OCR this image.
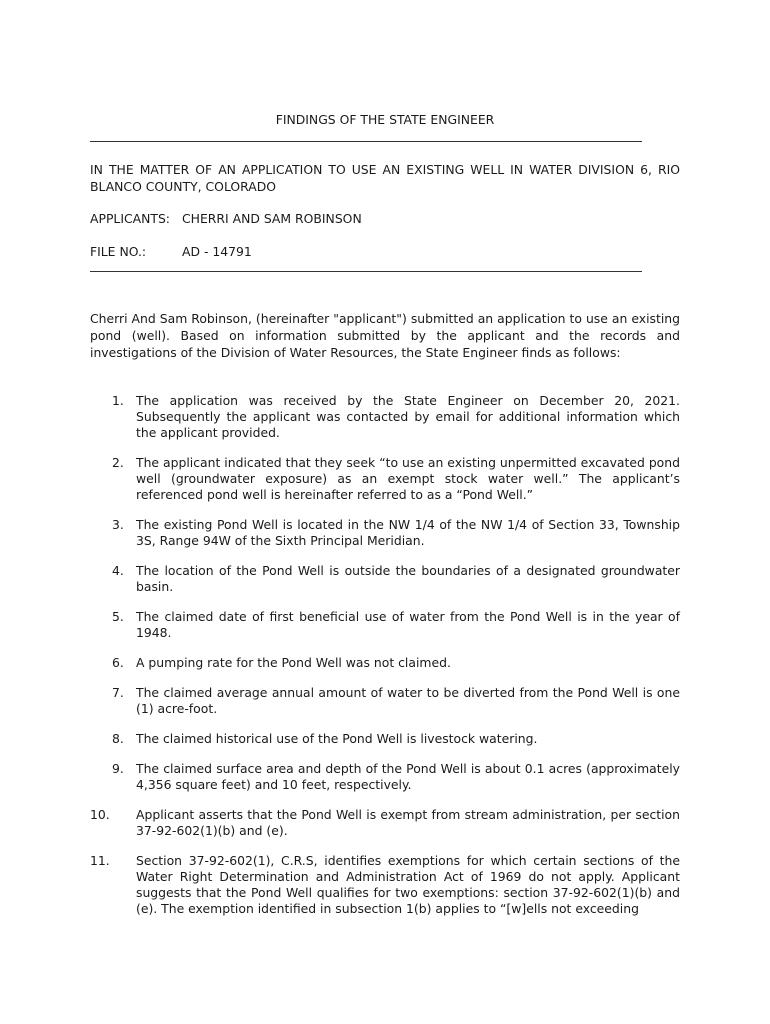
FINDINGS OF THE STATE ENGINEER
IN THE MATTER OF AN APPLICATION TO USE AN EXISTING WELL IN WATER DIVISION 6, RIO BLANCO COUNTY, COLORADO
APPLICANTS: CHERRI AND SAM ROBINSON
FILE NO.:	AD - 14791
Cherri And Sam Robinson, (hereinafter "applicant") submitted an application to use an existing pond (well). Based on information submitted by the applicant and the records and investigations of the Division of Water Resources, the State Engineer finds as follows:
1. The application was received by the State Engineer on December 20, 2021. Subsequently the applicant was contacted by email for additional information which the applicant provided.
2. The applicant indicated that they seek “to use an existing unpermitted excavated pond well (groundwater exposure) as an exempt stock water well.” The applicant’s referenced pond well is hereinafter referred to as a “Pond Well.”
3. The existing Pond Well is located in the NW 1/4 of the NW 1/4 of Section 33, Township 3S, Range 94W of the Sixth Principal Meridian.
4. The location of the Pond Well is outside the boundaries of a designated groundwater basin.
5. The claimed date of first beneficial use of water from the Pond Well is in the year of 1948.
6. A pumping rate for the Pond Well was not claimed.
7. The claimed average annual amount of water to be diverted from the Pond Well is one (1) acre-foot.
8. The claimed historical use of the Pond Well is livestock watering.
9. The claimed surface area and depth of the Pond Well is about 0.1 acres (approximately 4,356 square feet) and 10 feet, respectively.
10. Applicant asserts that the Pond Well is exempt from stream administration, per section 37-92-602(1)(b) and (e).
11. Section 37-92-602(1), C.R.S, identifies exemptions for which certain sections of the Water Right Determination and Administration Act of 1969 do not apply. Applicant suggests that the Pond Well qualifies for two exemptions: section 37-92-602(1)(b) and (e). The exemption identified in subsection 1(b) applies to “[w]ells not exceeding
